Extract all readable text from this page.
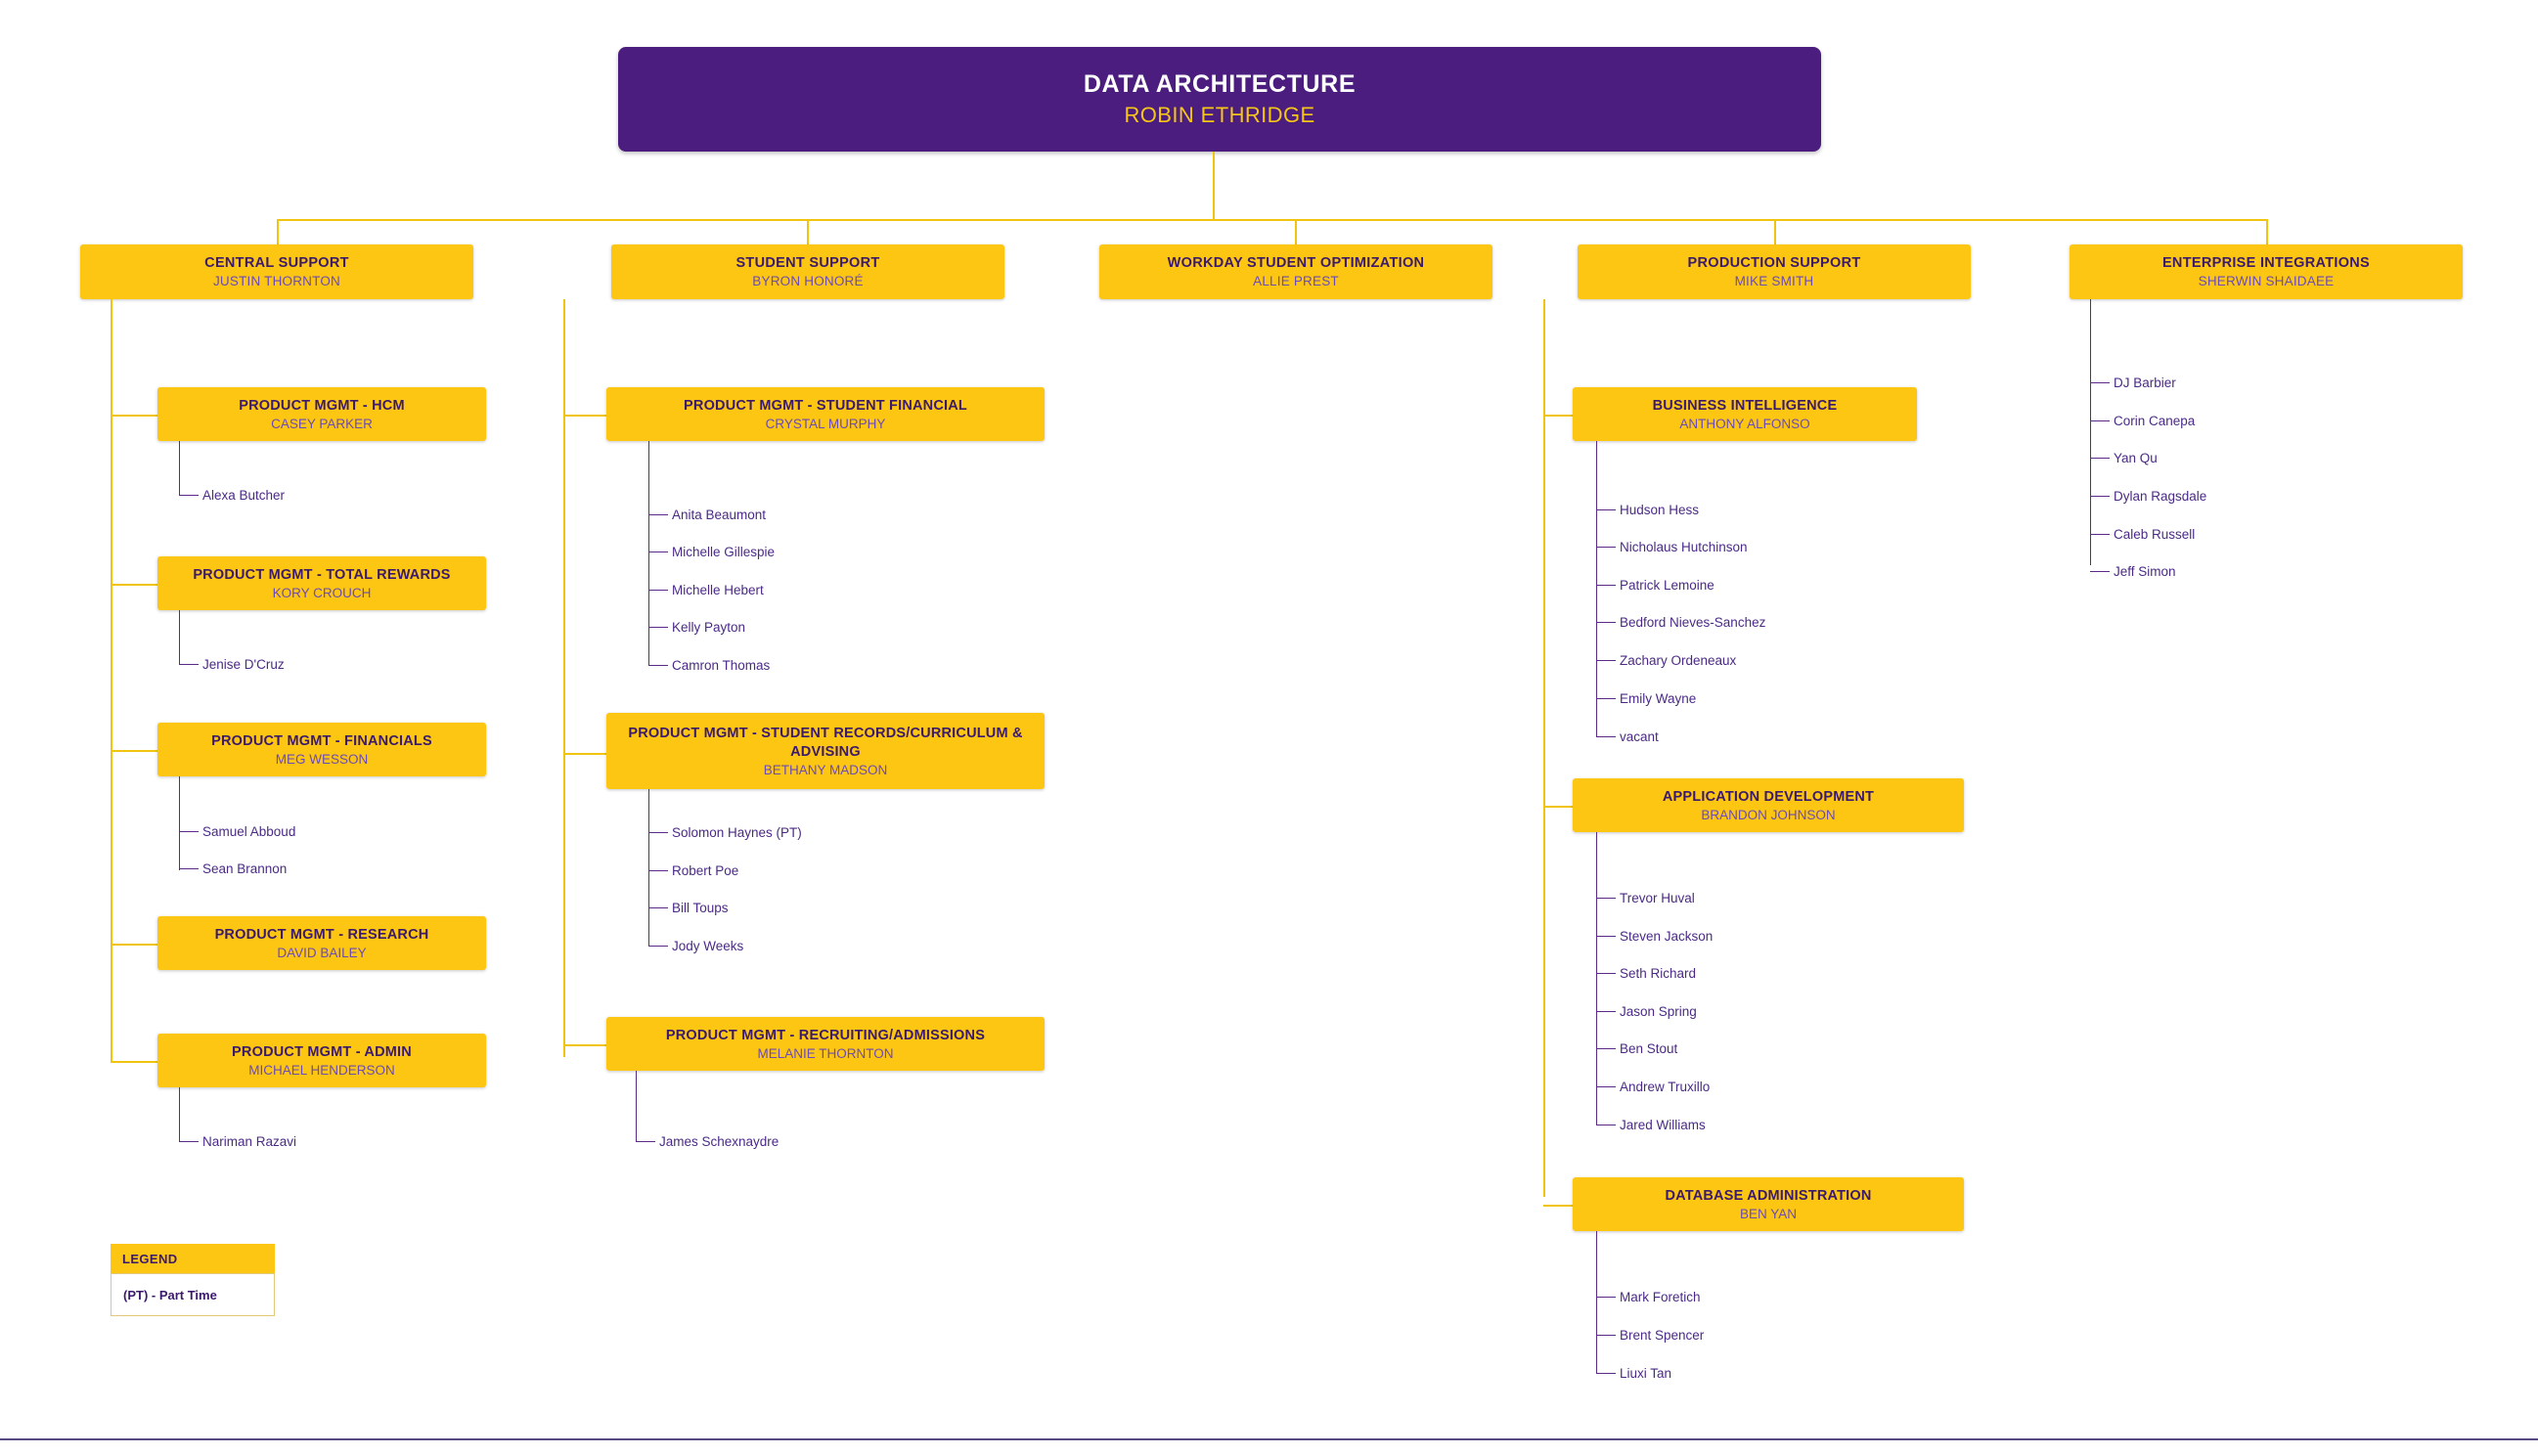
DATA ARCHITECTURE
ROBIN ETHRIDGE
CENTRAL SUPPORT
JUSTIN THORNTON
STUDENT SUPPORT
BYRON HONORÉ
WORKDAY STUDENT OPTIMIZATION
ALLIE PREST
PRODUCTION SUPPORT
MIKE SMITH
ENTERPRISE INTEGRATIONS
SHERWIN SHAIDAEE
PRODUCT MGMT - HCM
CASEY PARKER
Alexa Butcher
PRODUCT MGMT - TOTAL REWARDS
KORY CROUCH
Jenise D'Cruz
PRODUCT MGMT - FINANCIALS
MEG WESSON
Samuel Abboud
Sean Brannon
PRODUCT MGMT - RESEARCH
DAVID BAILEY
PRODUCT MGMT - ADMIN
MICHAEL HENDERSON
Nariman Razavi
PRODUCT MGMT - STUDENT FINANCIAL
CRYSTAL MURPHY
Anita Beaumont
Michelle Gillespie
Michelle Hebert
Kelly Payton
Camron Thomas
PRODUCT MGMT - STUDENT RECORDS/CURRICULUM & ADVISING
BETHANY MADSON
Solomon Haynes (PT)
Robert Poe
Bill Toups
Jody Weeks
PRODUCT MGMT - RECRUITING/ADMISSIONS
MELANIE THORNTON
James Schexnaydre
BUSINESS INTELLIGENCE
ANTHONY ALFONSO
Hudson Hess
Nicholaus Hutchinson
Patrick Lemoine
Bedford Nieves-Sanchez
Zachary Ordeneaux
Emily Wayne
vacant
APPLICATION DEVELOPMENT
BRANDON JOHNSON
Trevor Huval
Steven Jackson
Seth Richard
Jason Spring
Ben Stout
Andrew Truxillo
Jared Williams
DATABASE ADMINISTRATION
BEN YAN
Mark Foretich
Brent Spencer
Liuxi Tan
DJ Barbier
Corin Canepa
Yan Qu
Dylan Ragsdale
Caleb Russell
Jeff Simon
LEGEND
(PT) - Part Time
